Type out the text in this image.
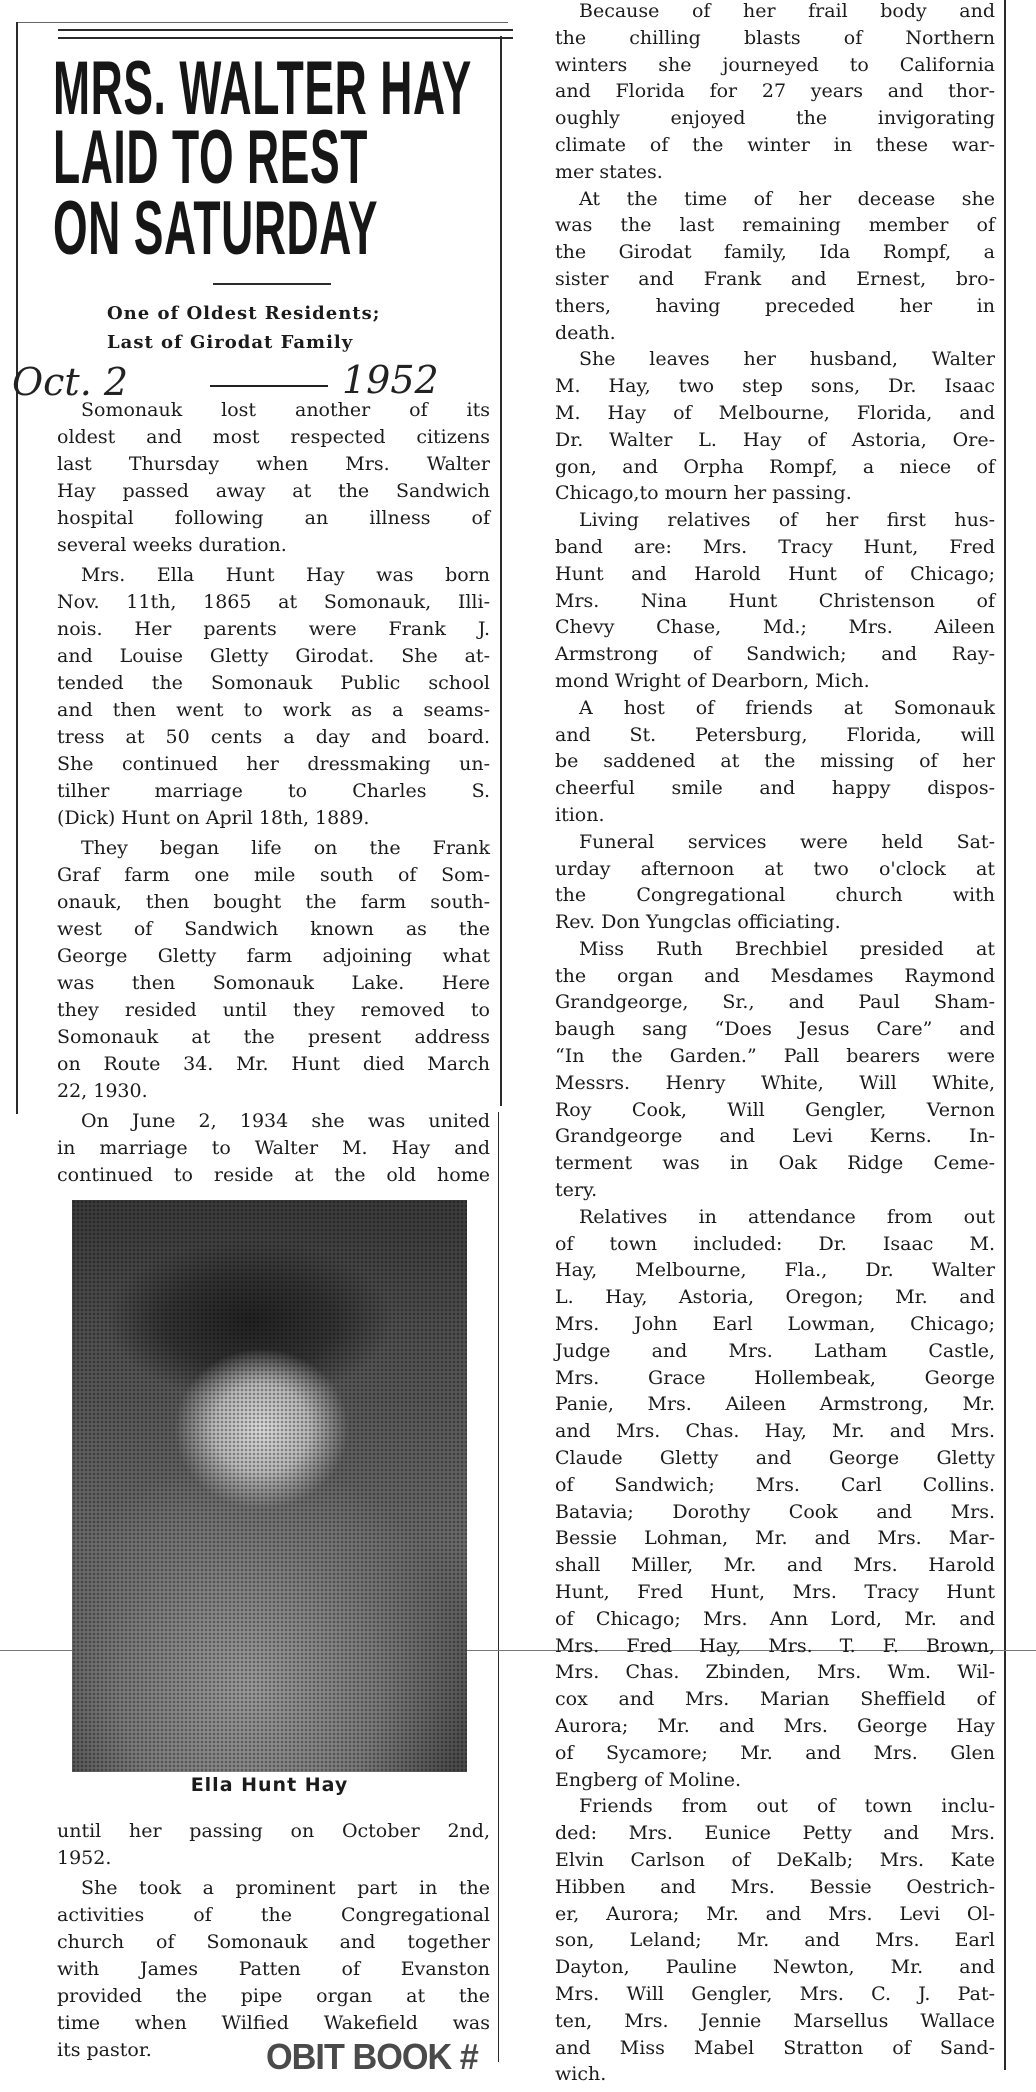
MRS. WALTER HAY
LAID TO REST
ON SATURDAY
One of Oldest Residents;
Last of Girodat Family
Oct. 2	1952
Somonauk lost another of its
oldest and most respected citizens
last Thursday when Mrs. Walter
Hay passed away at the Sandwich
hospital following an illness of
several weeks duration.
Mrs. Ella Hunt Hay was born
Nov. 11th, 1865 at Somonauk, Illi-
nois. Her parents were Frank J.
and Louise Gletty Girodat. She at-
tended the Somonauk Public school
and then went to work as a seams-
tress at 50 cents a day and board.
She continued her dressmaking un-
tilher marriage to Charles S.
(Dick) Hunt on April 18th, 1889.
They began life on the Frank
Graf farm one mile south of Som-
onauk, then bought the farm south-
west of Sandwich known as the
George Gletty farm adjoining what
was then Somonauk Lake. Here
they resided until they removed to
Somonauk at the present address
on Route 34. Mr. Hunt died March
22, 1930.
On June 2, 1934 she was united
in marriage to Walter M. Hay and
continued to reside at the old home
Ella Hunt Hay
until her passing on October 2nd,
1952.
She took a prominent part in the
activities of the Congregational
church of Somonauk and together
with James Patten of Evanston
provided the pipe organ at the
time when Wilfied Wakefield was
its pastor.
Because of her frail body and
the chilling blasts of Northern
winters she journeyed to California
and Florida for 27 years and thor-
oughly enjoyed the invigorating
climate of the winter in these war-
mer states.
At the time of her decease she
was the last remaining member of
the Girodat family, Ida Rompf, a
sister and Frank and Ernest, bro-
thers, having preceded her in
death.
She leaves her husband, Walter
M. Hay, two step sons, Dr. Isaac
M. Hay of Melbourne, Florida, and
Dr. Walter L. Hay of Astoria, Ore-
gon, and Orpha Rompf, a niece of
Chicago,to mourn her passing.
Living relatives of her first hus-
band are: Mrs. Tracy Hunt, Fred
Hunt and Harold Hunt of Chicago;
Mrs. Nina Hunt Christenson of
Chevy Chase, Md.; Mrs. Aileen
Armstrong of Sandwich; and Ray-
mond Wright of Dearborn, Mich.
A host of friends at Somonauk
and St. Petersburg, Florida, will
be saddened at the missing of her
cheerful smile and happy dispos-
ition.
Funeral services were held Sat-
urday afternoon at two o'clock at
the Congregational church with
Rev. Don Yungclas officiating.
Miss Ruth Brechbiel presided at
the organ and Mesdames Raymond
Grandgeorge, Sr., and Paul Sham-
baugh sang “Does Jesus Care” and
“In the Garden.” Pall bearers were
Messrs. Henry White, Will White,
Roy Cook, Will Gengler, Vernon
Grandgeorge and Levi Kerns. In-
terment was in Oak Ridge Ceme-
tery.
Relatives in attendance from out
of town included: Dr. Isaac M.
Hay, Melbourne, Fla., Dr. Walter
L. Hay, Astoria, Oregon; Mr. and
Mrs. John Earl Lowman, Chicago;
Judge and Mrs. Latham Castle,
Mrs. Grace Hollembeak, George
Panie, Mrs. Aileen Armstrong, Mr.
and Mrs. Chas. Hay, Mr. and Mrs.
Claude Gletty and George Gletty
of Sandwich; Mrs. Carl Collins.
Batavia; Dorothy Cook and Mrs.
Bessie Lohman, Mr. and Mrs. Mar-
shall Miller, Mr. and Mrs. Harold
Hunt, Fred Hunt, Mrs. Tracy Hunt
of Chicago; Mrs. Ann Lord, Mr. and
Mrs. Fred Hay, Mrs. T. F. Brown,
Mrs. Chas. Zbinden, Mrs. Wm. Wil-
cox and Mrs. Marian Sheffield of
Aurora; Mr. and Mrs. George Hay
of Sycamore; Mr. and Mrs. Glen
Engberg of Moline.
Friends from out of town inclu-
ded: Mrs. Eunice Petty and Mrs.
Elvin Carlson of DeKalb; Mrs. Kate
Hibben and Mrs. Bessie Oestrich-
er, Aurora; Mr. and Mrs. Levi Ol-
son, Leland; Mr. and Mrs. Earl
Dayton, Pauline Newton, Mr. and
Mrs. Will Gengler, Mrs. C. J. Pat-
ten, Mrs. Jennie Marsellus Wallace
and Miss Mabel Stratton of Sand-
wich.
OBIT BOOK #
